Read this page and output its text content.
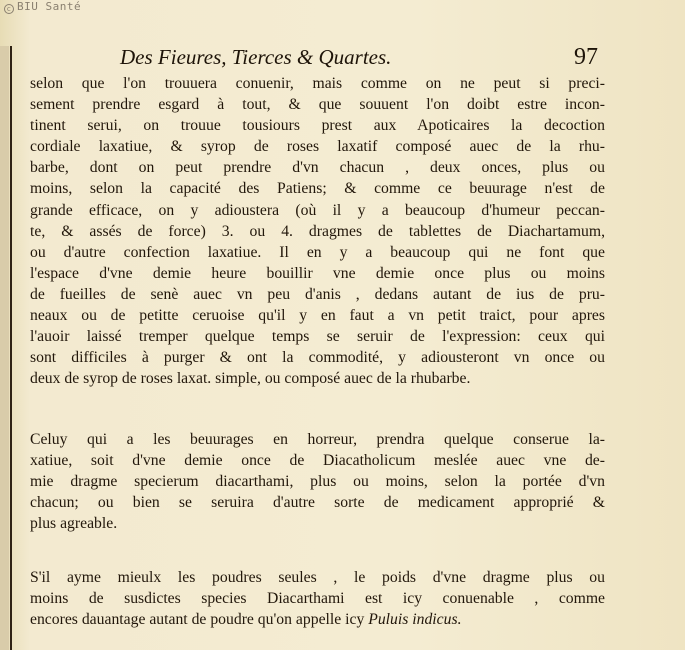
c BIU Santé
Des Fieures, Tierces & Quartes.	97
selon que l'on trouuera conuenir, mais comme on ne peut si preci-
sement prendre esgard à tout, & que souuent l'on doibt estre incon-
tinent serui, on trouue tousiours prest aux Apoticaires la decoction
cordiale laxatiue, & syrop de roses laxatif composé auec de la rhu-
barbe, dont on peut prendre d'vn chacun , deux onces, plus ou
moins, selon la capacité des Patiens; & comme ce beuurage n'est de
grande efficace, on y adioustera (où il y a beaucoup d'humeur peccan-
te, & assés de force) 3. ou 4. dragmes de tablettes de Diachartamum,
ou d'autre confection laxatiue. Il en y a beaucoup qui ne font que
l'espace d'vne demie heure bouillir vne demie once plus ou moins
de fueilles de senè auec vn peu d'anis , dedans autant de ius de pru-
neaux ou de petitte ceruoise qu'il y en faut a vn petit traict, pour apres
l'auoir laissé tremper quelque temps se seruir de l'expression: ceux qui
sont difficiles à purger & ont la commodité, y adiousteront vn once ou
deux de syrop de roses laxat. simple, ou composé auec de la rhubarbe.
Celuy qui a les beuurages en horreur, prendra quelque conserue la-
xatiue, soit d'vne demie once de Diacatholicum meslée auec vne de-
mie dragme specierum diacarthami, plus ou moins, selon la portée d'vn
chacun; ou bien se seruira d'autre sorte de medicament approprié &
plus agreable.
S'il ayme mieulx les poudres seules , le poids d'vne dragme plus ou
moins de susdictes species Diacarthami est icy conuenable , comme
encores dauantage autant de poudre qu'on appelle icy Puluis indicus.
